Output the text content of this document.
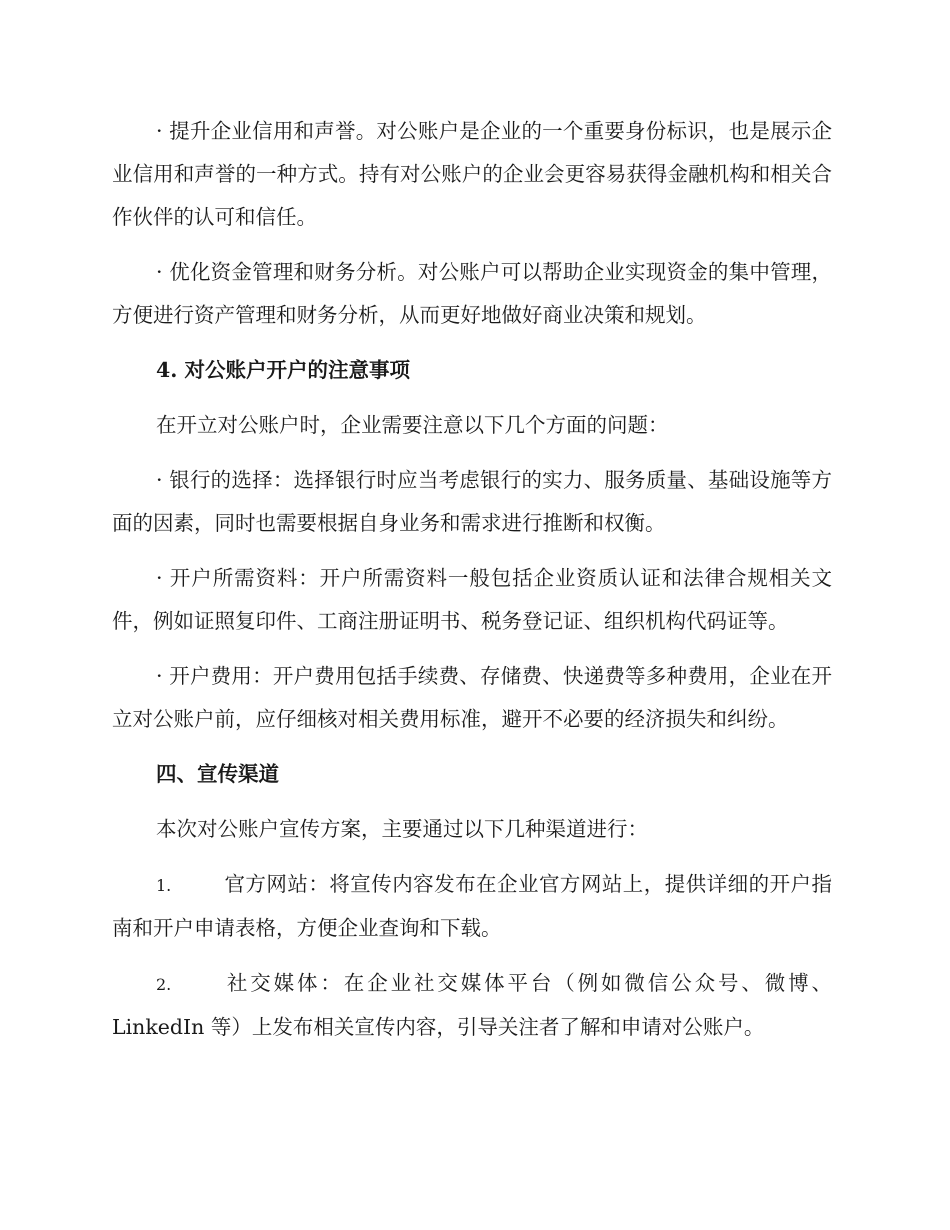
· 提升企业信用和声誉。对公账户是企业的一个重要身份标识，也是展示企业信用和声誉的一种方式。持有对公账户的企业会更容易获得金融机构和相关合作伙伴的认可和信任。

· 优化资金管理和财务分析。对公账户可以帮助企业实现资金的集中管理，方便进行资产管理和财务分析，从而更好地做好商业决策和规划。

4. 对公账户开户的注意事项

在开立对公账户时，企业需要注意以下几个方面的问题：

· 银行的选择：选择银行时应当考虑银行的实力、服务质量、基础设施等方面的因素，同时也需要根据自身业务和需求进行推断和权衡。

· 开户所需资料：开户所需资料一般包括企业资质认证和法律合规相关文件，例如证照复印件、工商注册证明书、税务登记证、组织机构代码证等。

· 开户费用：开户费用包括手续费、存储费、快递费等多种费用，企业在开立对公账户前，应仔细核对相关费用标准，避开不必要的经济损失和纠纷。

四、宣传渠道

本次对公账户宣传方案，主要通过以下几种渠道进行：

1.	官方网站：将宣传内容发布在企业官方网站上，提供详细的开户指南和开户申请表格，方便企业查询和下载。

2.	社交媒体：在企业社交媒体平台（例如微信公众号、微博、LinkedIn 等）上发布相关宣传内容，引导关注者了解和申请对公账户。
